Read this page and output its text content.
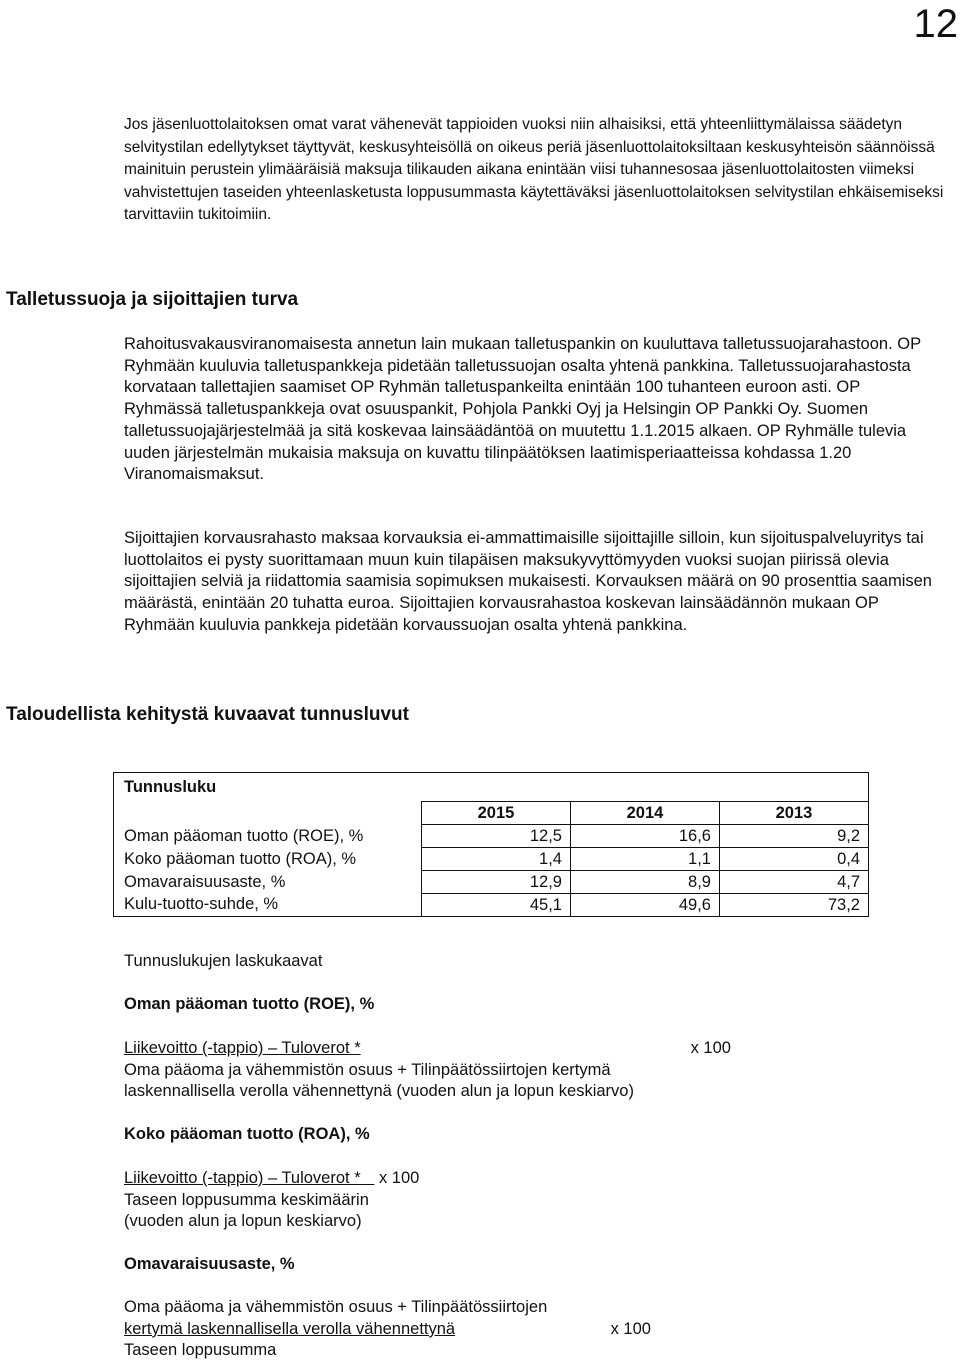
12

Jos jäsenluottolaitoksen omat varat vähenevät tappioiden vuoksi niin alhaisiksi, että yhteenliittymälaissa säädetyn selvitystilan edellytykset täyttyvät, keskusyhteisöllä on oikeus periä jäsenluottolaitoksiltaan keskusyhteisön säännöissä mainituin perustein ylimääräisiä maksuja tilikauden aikana enintään viisi tuhannesosaa jäsenluottolaitosten viimeksi vahvistettujen taseiden yhteenlasketusta loppusummasta käytettäväksi jäsenluottolaitoksen selvitystilan ehkäisemiseksi tarvittaviin tukitoimiin.

Talletussuoja ja sijoittajien turva

Rahoitusvakausviranomaisesta annetun lain mukaan talletuspankin on kuuluttava talletussuojarahastoon. OP Ryhmään kuuluvia talletuspankkeja pidetään talletussuojan osalta yhtenä pankkina. Talletussuojarahastosta korvataan tallettajien saamiset OP Ryhmän talletuspankeilta enintään 100 tuhanteen euroon asti. OP Ryhmässä talletuspankkeja ovat osuuspankit, Pohjola Pankki Oyj ja Helsingin OP Pankki Oy. Suomen talletussuojajärjestelmää ja sitä koskevaa lainsäädäntöä on muutettu 1.1.2015 alkaen. OP Ryhmälle tulevia uuden järjestelmän mukaisia maksuja on kuvattu tilinpäätöksen laatimisperiaatteissa kohdassa 1.20 Viranomaismaksut.

Sijoittajien korvausrahasto maksaa korvauksia ei-ammattimaisille sijoittajille silloin, kun sijoituspalveluyritys tai luottolaitos ei pysty suorittamaan muun kuin tilapäisen maksukyvyttömyyden vuoksi suojan piirissä olevia sijoittajien selviä ja riidattomia saamisia sopimuksen mukaisesti. Korvauksen määrä on 90 prosenttia saamisen määrästä, enintään 20 tuhatta euroa. Sijoittajien korvausrahastoa koskevan lainsäädännön mukaan OP Ryhmään kuuluvia pankkeja pidetään korvaussuojan osalta yhtenä pankkina.

Taloudellista kehitystä kuvaavat tunnusluvut
Tunnusluku			
	2015	2014	2013
Oman pääoman tuotto (ROE), %	12,5	16,6	9,2
Koko pääoman tuotto (ROA), %	1,4	1,1	0,4
Omavaraisuusaste, %	12,9	8,9	4,7
Kulu-tuotto-suhde, %	45,1	49,6	73,2
Tunnuslukujen laskukaavat
Oman pääoman tuotto (ROE), %
Liikevoitto (-tappio) – Tuloverot *	x 100
Oma pääoma ja vähemmistön osuus + Tilinpäätössiirtojen kertymä
laskennallisella verolla vähennettynä (vuoden alun ja lopun keskiarvo)
Koko pääoman tuotto (ROA), %
Liikevoitto (-tappio) – Tuloverot *    x 100
Taseen loppusumma keskimäärin
(vuoden alun ja lopun keskiarvo)
Omavaraisuusaste, %
Oma pääoma ja vähemmistön osuus + Tilinpäätössiirtojen
kertymä laskennallisella verolla vähennettynä	x 100
Taseen loppusumma
